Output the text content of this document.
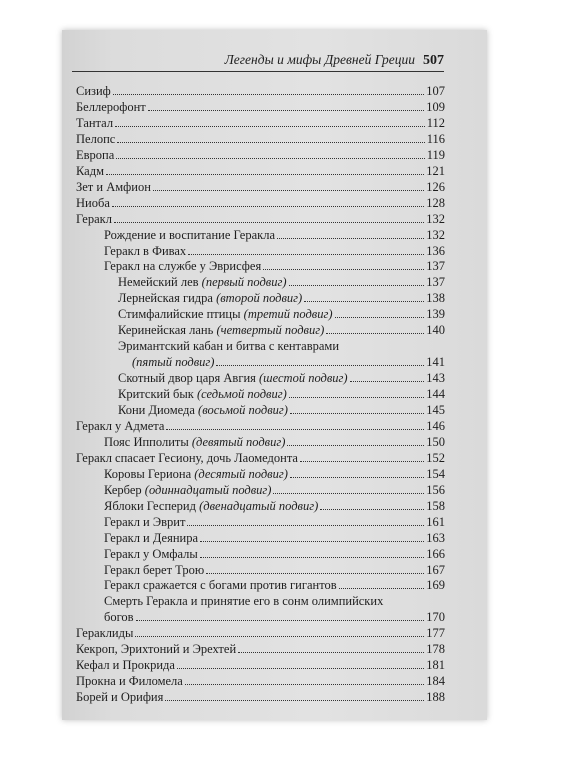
Легенды и мифы Древней Греции 507
Сизиф	107
Беллерофонт	109
Тантал	112
Пелопс	116
Европа	119
Кадм	121
Зет и Амфион	126
Ниоба	128
Геракл	132
Рождение и воспитание Геракла	132
Геракл в Фивах	136
Геракл на службе у Эврисфея	137
Немейский лев (первый подвиг)	137
Лернейская гидра (второй подвиг)	138
Стимфалийские птицы (третий подвиг)	139
Керинейская лань (четвертый подвиг)	140
Эримантский кабан и битва с кентаврами
(пятый подвиг)	141
Скотный двор царя Авгия (шестой подвиг)	143
Критский бык (седьмой подвиг)	144
Кони Диомеда (восьмой подвиг)	145
Геракл у Адмета	146
Пояс Ипполиты (девятый подвиг)	150
Геракл спасает Гесиону, дочь Лаомедонта	152
Коровы Гериона (десятый подвиг)	154
Кербер (одиннадцатый подвиг)	156
Яблоки Гесперид (двенадцатый подвиг)	158
Геракл и Эврит	161
Геракл и Деянира	163
Геракл у Омфалы	166
Геракл берет Трою	167
Геракл сражается с богами против гигантов	169
Смерть Геракла и принятие его в сонм олимпийских
богов	170
Гераклиды	177
Кекроп, Эрихтоний и Эрехтей	178
Кефал и Прокрида	181
Прокна и Филомела	184
Борей и Орифия	188
